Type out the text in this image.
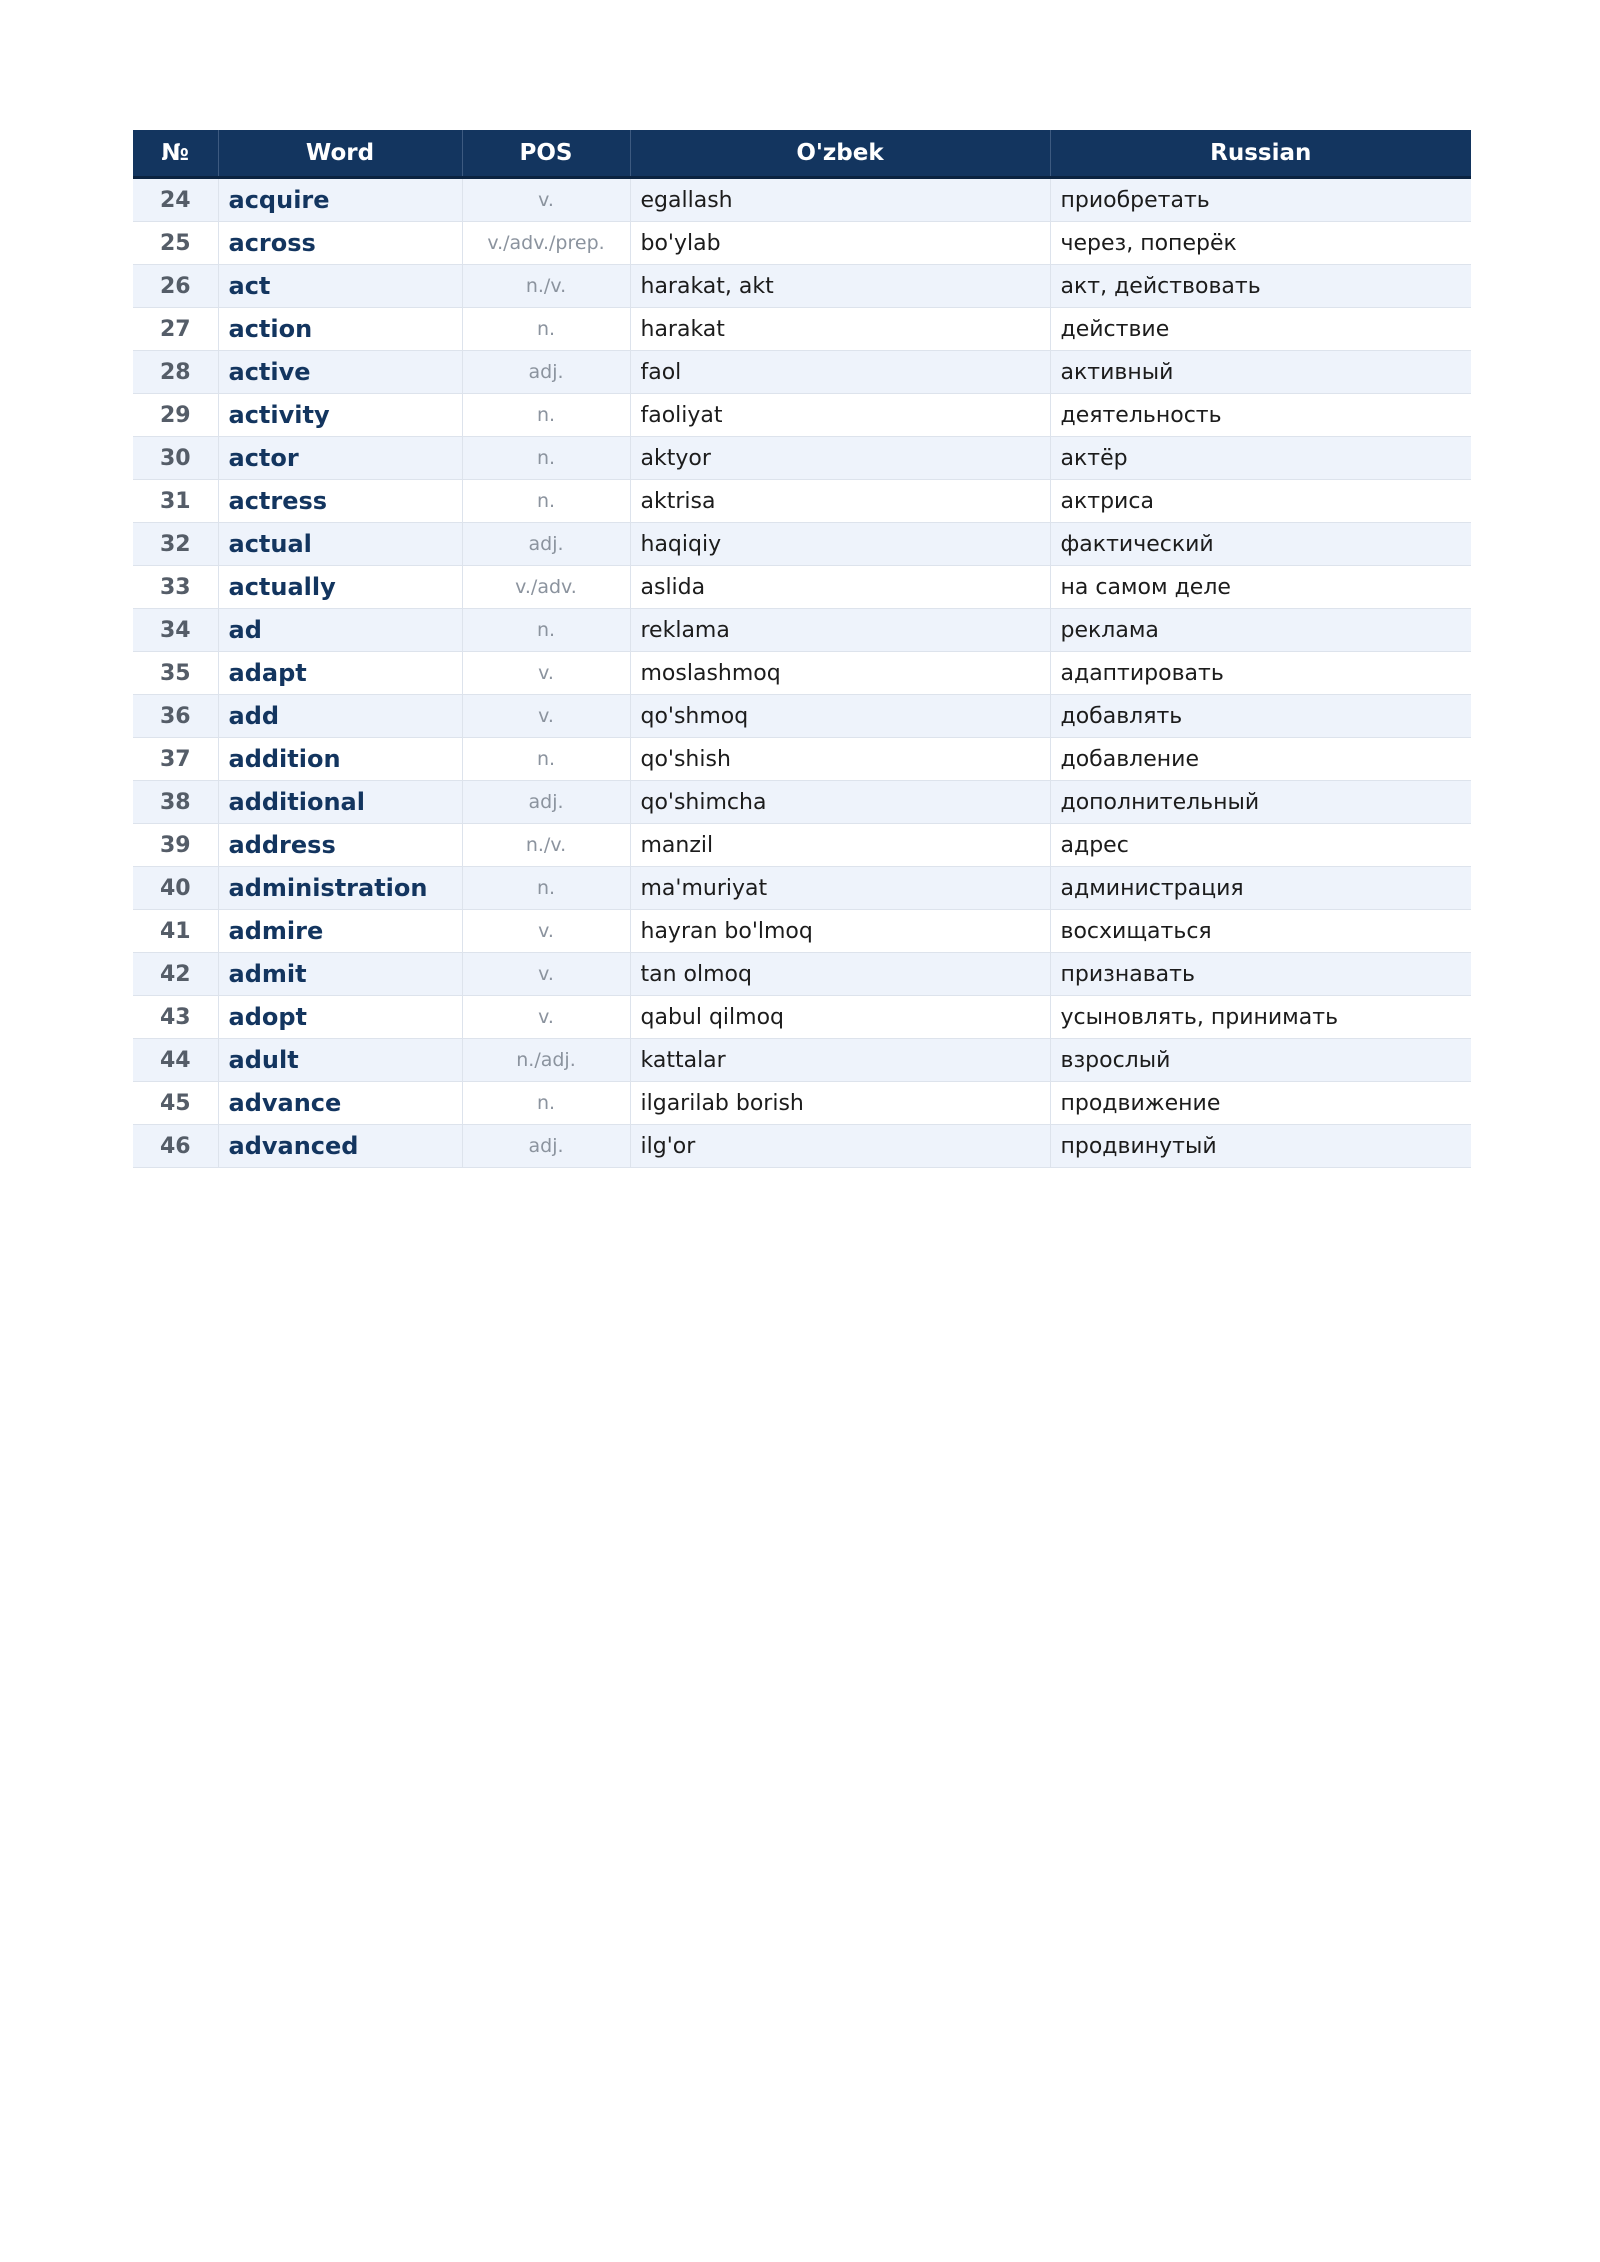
№	Word	POS	O'zbek	Russian
24	acquire	v.	egallash	приобретать
25	across	v./adv./prep.	bo'ylab	через, поперёк
26	act	n./v.	harakat, akt	акт, действовать
27	action	n.	harakat	действие
28	active	adj.	faol	активный
29	activity	n.	faoliyat	деятельность
30	actor	n.	aktyor	актёр
31	actress	n.	aktrisa	актриса
32	actual	adj.	haqiqiy	фактический
33	actually	v./adv.	aslida	на самом деле
34	ad	n.	reklama	реклама
35	adapt	v.	moslashmoq	адаптировать
36	add	v.	qo'shmoq	добавлять
37	addition	n.	qo'shish	добавление
38	additional	adj.	qo'shimcha	дополнительный
39	address	n./v.	manzil	адрес
40	administration	n.	ma'muriyat	администрация
41	admire	v.	hayran bo'lmoq	восхищаться
42	admit	v.	tan olmoq	признавать
43	adopt	v.	qabul qilmoq	усыновлять, принимать
44	adult	n./adj.	kattalar	взрослый
45	advance	n.	ilgarilab borish	продвижение
46	advanced	adj.	ilg'or	продвинутый
